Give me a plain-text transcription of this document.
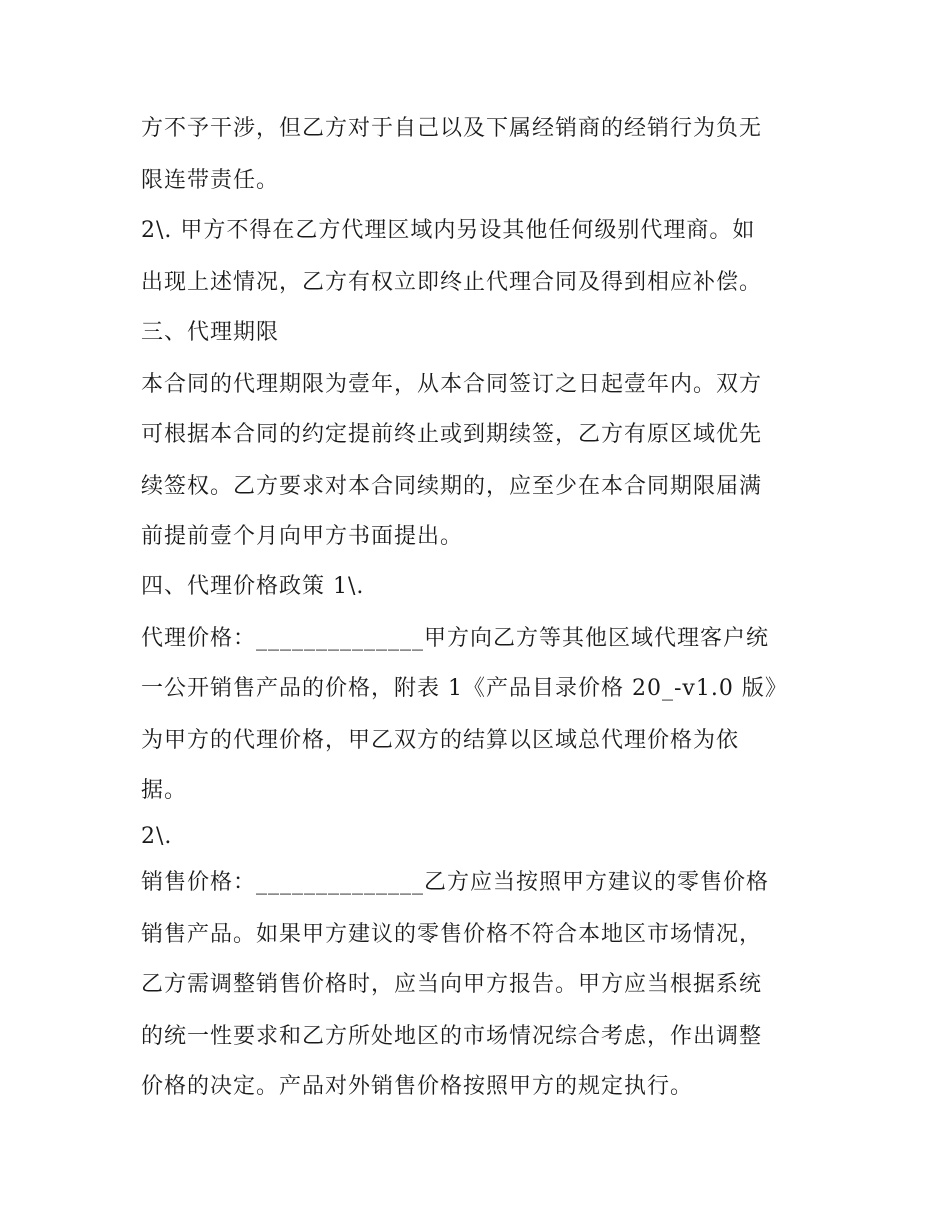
方不予干涉，但乙方对于自己以及下属经销商的经销行为负无
限连带责任。
2\. 甲方不得在乙方代理区域内另设其他任何级别代理商。如
出现上述情况，乙方有权立即终止代理合同及得到相应补偿。
三、代理期限
本合同的代理期限为壹年，从本合同签订之日起壹年内。双方
可根据本合同的约定提前终止或到期续签，乙方有原区域优先
续签权。乙方要求对本合同续期的，应至少在本合同期限届满
前提前壹个月向甲方书面提出。
四、代理价格政策 1\.
代理价格：______________甲方向乙方等其他区域代理客户统
一公开销售产品的价格，附表 1《产品目录价格 20_-v1.0 版》
为甲方的代理价格，甲乙双方的结算以区域总代理价格为依
据。
2\.
销售价格：______________乙方应当按照甲方建议的零售价格
销售产品。如果甲方建议的零售价格不符合本地区市场情况，
乙方需调整销售价格时，应当向甲方报告。甲方应当根据系统
的统一性要求和乙方所处地区的市场情况综合考虑，作出调整
价格的决定。产品对外销售价格按照甲方的规定执行。
